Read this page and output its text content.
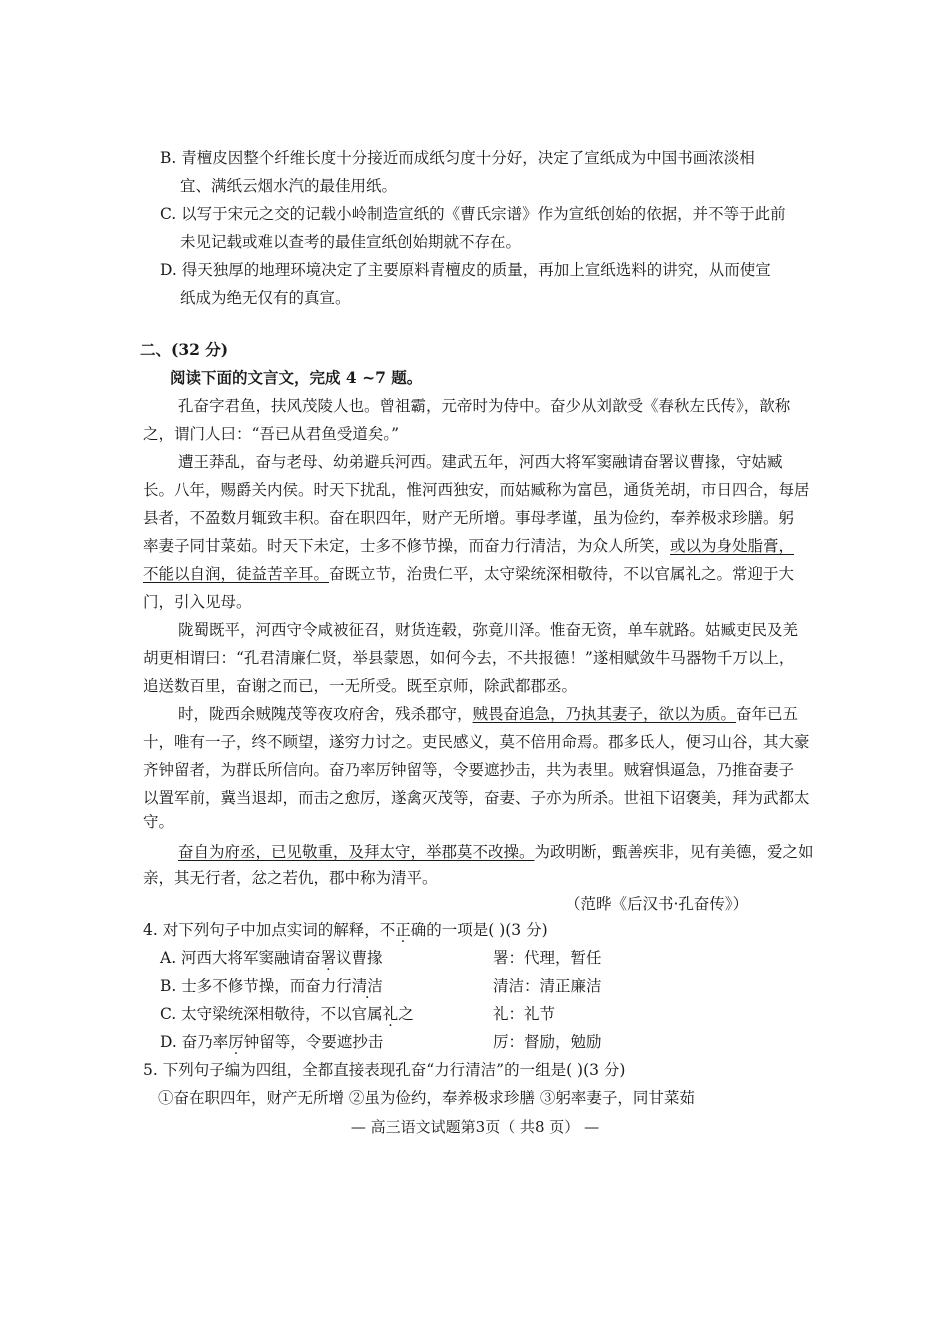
B. 青檀皮因整个纤维长度十分接近而成纸匀度十分好，决定了宣纸成为中国书画浓淡相
宜、满纸云烟水汽的最佳用纸。
C. 以写于宋元之交的记载小岭制造宣纸的《曹氏宗谱》作为宣纸创始的依据，并不等于此前
未见记载或难以查考的最佳宣纸创始期就不存在。
D. 得天独厚的地理环境决定了主要原料青檀皮的质量，再加上宣纸选料的讲究，从而使宣
纸成为绝无仅有的真宣。
二、(32 分)
阅读下面的文言文，完成 4 ~7 题。
孔奋字君鱼，扶风茂陵人也。曾祖霸，元帝时为侍中。奋少从刘歆受《春秋左氏传》，歆称
之，谓门人曰：“吾已从君鱼受道矣。”
遭王莽乱，奋与老母、幼弟避兵河西。建武五年，河西大将军窦融请奋署议曹掾，守姑臧
长。八年，赐爵关内侯。时天下扰乱，惟河西独安，而姑臧称为富邑，通货羌胡，市日四合，每居
县者，不盈数月辄致丰积。奋在职四年，财产无所增。事母孝谨，虽为俭约，奉养极求珍膳。躬
率妻子同甘菜茹。时天下未定，士多不修节操，而奋力行清洁，为众人所笑，或以为身处脂膏，
不能以自润，徒益苦辛耳。奋既立节，治贵仁平，太守梁统深相敬待，不以官属礼之。常迎于大
门，引入见母。
陇蜀既平，河西守令咸被征召，财货连毂，弥竟川泽。惟奋无资，单车就路。姑臧吏民及羌
胡更相谓曰：“孔君清廉仁贤，举县蒙恩，如何今去，不共报德！”遂相赋敛牛马器物千万以上，
追送数百里，奋谢之而已，一无所受。既至京师，除武都郡丞。
时，陇西余贼隗茂等夜攻府舍，残杀郡守，贼畏奋追急，乃执其妻子，欲以为质。奋年已五
十，唯有一子，终不顾望，遂穷力讨之。吏民感义，莫不倍用命焉。郡多氐人，便习山谷，其大豪
齐钟留者，为群氐所信向。奋乃率厉钟留等，令要遮抄击，共为表里。贼窘惧逼急，乃推奋妻子
以置军前，冀当退却，而击之愈厉，遂禽灭茂等，奋妻、子亦为所杀。世祖下诏褒美，拜为武都太
守。
奋自为府丞，已见敬重，及拜太守，举郡莫不改操。为政明断，甄善疾非，见有美德，爱之如
亲，其无行者，忿之若仇，郡中称为清平。
（范晔《后汉书·孔奋传》）
4. 对下列句子中加点实词的解释，不正确的一项是( )(3 分)
A. 河西大将军窦融请奋署议曹掾	署：代理，暂任
B. 士多不修节操，而奋力行清洁	清洁：清正廉洁
C. 太守梁统深相敬待，不以官属礼之	礼：礼节
D. 奋乃率厉钟留等，令要遮抄击	厉：督励，勉励
5. 下列句子编为四组，全都直接表现孔奋“力行清洁”的一组是( )(3 分)
①奋在职四年，财产无所增 ②虽为俭约，奉养极求珍膳 ③躬率妻子，同甘菜茹
— 高三语文试题第3页（ 共8 页） —
